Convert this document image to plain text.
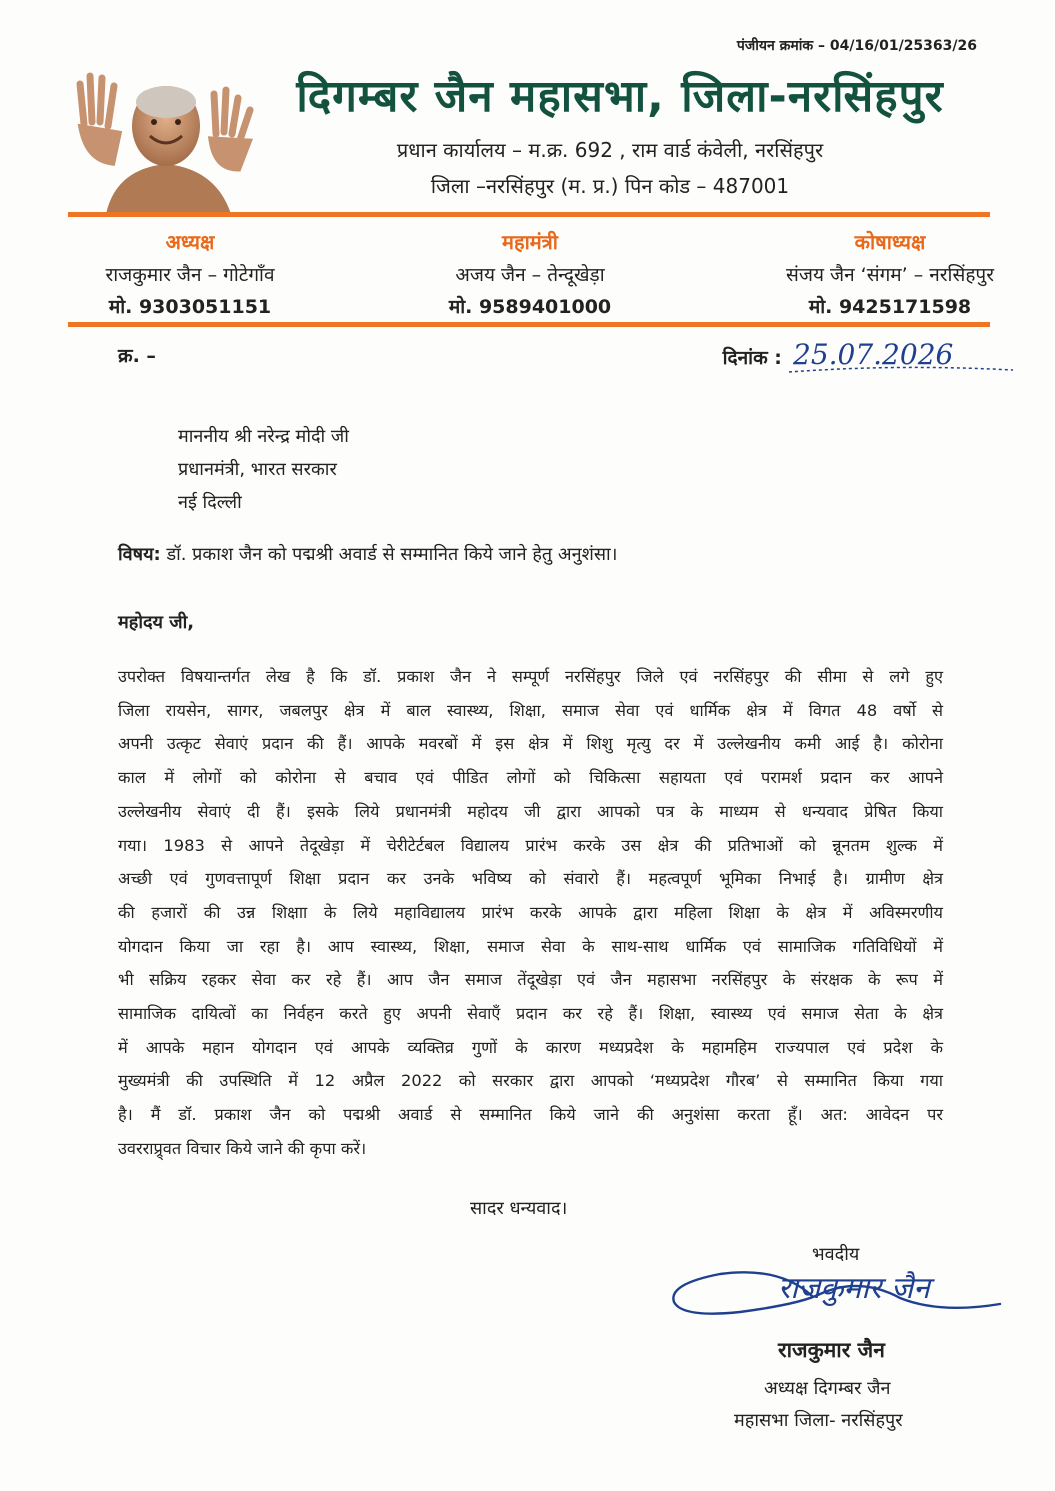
पंजीयन क्रमांक – 04/16/01/25363/26
दिगम्बर जैन महासभा, जिला-नरसिंहपुर
प्रधान कार्यालय – म.क्र. 692 , राम वार्ड कंवेली, नरसिंहपुर
जिला –नरसिंहपुर (म. प्र.) पिन कोड – 487001
अध्यक्ष
राजकुमार जैन – गोटेगाँव
मो. 9303051151
महामंत्री
अजय जैन – तेन्दूखेड़ा
मो. 9589401000
कोषाध्यक्ष
संजय जैन ‘संगम’ – नरसिंहपुर
मो. 9425171598
क्र. –	दिनांक : 25.07.2026
माननीय श्री नरेन्द्र मोदी जी
प्रधानमंत्री, भारत सरकार
नई दिल्ली
विषय: डॉ. प्रकाश जैन को पद्मश्री अवार्ड से सम्मानित किये जाने हेतु अनुशंसा।
महोदय जी,
उपरोक्त विषयान्तर्गत लेख है कि डॉ. प्रकाश जैन ने सम्पूर्ण नरसिंहपुर जिले एवं नरसिंहपुर की सीमा से लगे हुए
जिला रायसेन, सागर, जबलपुर क्षेत्र में बाल स्वास्थ्य, शिक्षा, समाज सेवा एवं धार्मिक क्षेत्र में विगत 48 वर्षो से
अपनी उत्कृट सेवाएं प्रदान की हैं। आपके मवरबों में इस क्षेत्र में शिशु मृत्यु दर में उल्लेखनीय कमी आई है। कोरोना
काल में लोगों को कोरोना से बचाव एवं पीडित लोगों को चिकित्सा सहायता एवं परामर्श प्रदान कर आपने
उल्लेखनीय सेवाएं दी हैं। इसके लिये प्रधानमंत्री महोदय जी द्वारा आपको पत्र के माध्यम से धन्यवाद प्रेषित किया
गया। 1983 से आपने तेदूखेड़ा में चेरीटेर्टबल विद्यालय प्रारंभ करके उस क्षेत्र की प्रतिभाओं को न्नूनतम शुल्क में
अच्छी एवं गुणवत्तापूर्ण शिक्षा प्रदान कर उनके भविष्य को संवारो हैं। महत्वपूर्ण भूमिका निभाई है। ग्रामीण क्षेत्र
की हजारों की उन्न शिक्षाा के लिये महाविद्यालय प्रारंभ करके आपके द्वारा महिला शिक्षा के क्षेत्र में अविस्मरणीय
योगदान किया जा रहा है। आप स्वास्थ्य, शिक्षा, समाज सेवा के साथ-साथ धार्मिक एवं सामाजिक गतिविधियों में
भी सक्रिय रहकर सेवा कर रहे हैं। आप जैन समाज तेंदूखेड़ा एवं जैन महासभा नरसिंहपुर के संरक्षक के रूप में
सामाजिक दायित्वों का निर्वहन करते हुए अपनी सेवाएँ प्रदान कर रहे हैं। शिक्षा, स्वास्थ्य एवं समाज सेता के क्षेत्र
में आपके महान योगदान एवं आपके व्यक्तिव्र गुणों के कारण मध्यप्रदेश के महामहिम राज्यपाल एवं प्रदेश के
मुख्यमंत्री की उपस्थिति में 12 अप्रैल 2022 को सरकार द्वारा आपको ‘मध्यप्रदेश गौरब’ से सम्मानित किया गया
है। मैं डॉ. प्रकाश जैन को पद्मश्री अवार्ड से सम्मानित किये जाने की अनुशंसा करता हूँ। अत: आवेदन पर
उवरराप्र्र्वत विचार किये जाने की कृपा करें।
सादर धन्यवाद।
भवदीय
राजकुमार जैन
राजकुमार जैन
अध्यक्ष दिगम्बर जैन
महासभा जिला- नरसिंहपुर
